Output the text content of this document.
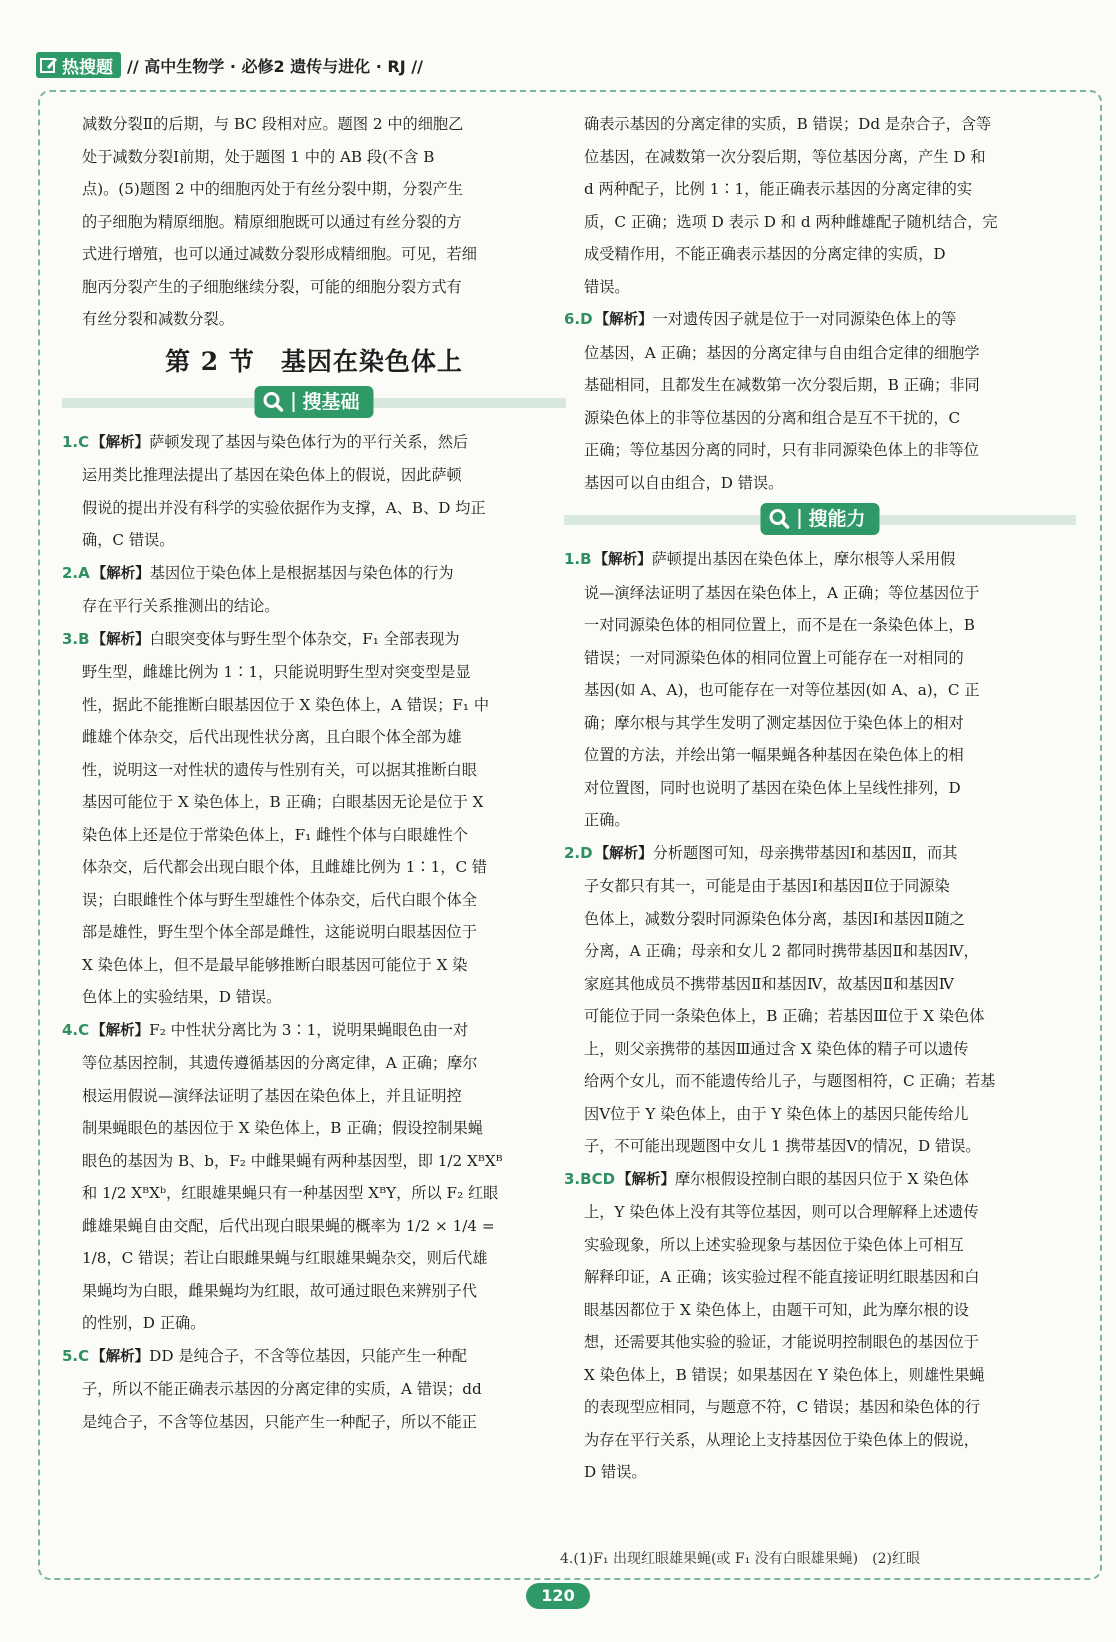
热搜题 // 高中生物学 · 必修2 遗传与进化 · RJ //

减数分裂Ⅱ的后期，与 BC 段相对应。题图 2 中的细胞乙

处于减数分裂Ⅰ前期，处于题图 1 中的 AB 段(不含 B

点)。(5)题图 2 中的细胞丙处于有丝分裂中期，分裂产生

的子细胞为精原细胞。精原细胞既可以通过有丝分裂的方

式进行增殖，也可以通过减数分裂形成精细胞。可见，若细

胞丙分裂产生的子细胞继续分裂，可能的细胞分裂方式有

有丝分裂和减数分裂。

第 2 节　基因在染色体上
搜基础

1.C 【解析】萨顿发现了基因与染色体行为的平行关系，然后

运用类比推理法提出了基因在染色体上的假说，因此萨顿

假说的提出并没有科学的实验依据作为支撑，A、B、D 均正

确，C 错误。

2.A 【解析】基因位于染色体上是根据基因与染色体的行为

存在平行关系推测出的结论。

3.B 【解析】白眼突变体与野生型个体杂交，F₁ 全部表现为

野生型，雌雄比例为 1∶1，只能说明野生型对突变型是显

性，据此不能推断白眼基因位于 X 染色体上，A 错误；F₁ 中

雌雄个体杂交，后代出现性状分离，且白眼个体全部为雄

性，说明这一对性状的遗传与性别有关，可以据其推断白眼

基因可能位于 X 染色体上，B 正确；白眼基因无论是位于 X

染色体上还是位于常染色体上，F₁ 雌性个体与白眼雄性个

体杂交，后代都会出现白眼个体，且雌雄比例为 1∶1，C 错

误；白眼雌性个体与野生型雄性个体杂交，后代白眼个体全

部是雄性，野生型个体全部是雌性，这能说明白眼基因位于

X 染色体上，但不是最早能够推断白眼基因可能位于 X 染

色体上的实验结果，D 错误。

4.C 【解析】F₂ 中性状分离比为 3∶1，说明果蝇眼色由一对

等位基因控制，其遗传遵循基因的分离定律，A 正确；摩尔

根运用假说—演绎法证明了基因在染色体上，并且证明控

制果蝇眼色的基因位于 X 染色体上，B 正确；假设控制果蝇

眼色的基因为 B、b，F₂ 中雌果蝇有两种基因型，即 1/2 XᴮXᴮ

和 1/2 XᴮXᵇ，红眼雄果蝇只有一种基因型 XᴮY，所以 F₂ 红眼

雌雄果蝇自由交配，后代出现白眼果蝇的概率为 1/2 × 1/4 =

1/8，C 错误；若让白眼雌果蝇与红眼雄果蝇杂交，则后代雄

果蝇均为白眼，雌果蝇均为红眼，故可通过眼色来辨别子代

的性别，D 正确。

5.C 【解析】DD 是纯合子，不含等位基因，只能产生一种配

子，所以不能正确表示基因的分离定律的实质，A 错误；dd

是纯合子，不含等位基因，只能产生一种配子，所以不能正

确表示基因的分离定律的实质，B 错误；Dd 是杂合子，含等

位基因，在减数第一次分裂后期，等位基因分离，产生 D 和

d 两种配子，比例 1∶1，能正确表示基因的分离定律的实

质，C 正确；选项 D 表示 D 和 d 两种雌雄配子随机结合，完

成受精作用，不能正确表示基因的分离定律的实质，D

错误。

6.D 【解析】一对遗传因子就是位于一对同源染色体上的等

位基因，A 正确；基因的分离定律与自由组合定律的细胞学

基础相同，且都发生在减数第一次分裂后期，B 正确；非同

源染色体上的非等位基因的分离和组合是互不干扰的，C

正确；等位基因分离的同时，只有非同源染色体上的非等位

基因可以自由组合，D 错误。

搜能力

1.B 【解析】萨顿提出基因在染色体上，摩尔根等人采用假

说—演绎法证明了基因在染色体上，A 正确；等位基因位于

一对同源染色体的相同位置上，而不是在一条染色体上，B

错误；一对同源染色体的相同位置上可能存在一对相同的

基因(如 A、A)，也可能存在一对等位基因(如 A、a)，C 正

确；摩尔根与其学生发明了测定基因位于染色体上的相对

位置的方法，并绘出第一幅果蝇各种基因在染色体上的相

对位置图，同时也说明了基因在染色体上呈线性排列，D

正确。

2.D 【解析】分析题图可知，母亲携带基因Ⅰ和基因Ⅱ，而其

子女都只有其一，可能是由于基因Ⅰ和基因Ⅱ位于同源染

色体上，减数分裂时同源染色体分离，基因Ⅰ和基因Ⅱ随之

分离，A 正确；母亲和女儿 2 都同时携带基因Ⅱ和基因Ⅳ，

家庭其他成员不携带基因Ⅱ和基因Ⅳ，故基因Ⅱ和基因Ⅳ

可能位于同一条染色体上，B 正确；若基因Ⅲ位于 X 染色体

上，则父亲携带的基因Ⅲ通过含 X 染色体的精子可以遗传

给两个女儿，而不能遗传给儿子，与题图相符，C 正确；若基

因Ⅴ位于 Y 染色体上，由于 Y 染色体上的基因只能传给儿

子，不可能出现题图中女儿 1 携带基因Ⅴ的情况，D 错误。

3.BCD 【解析】摩尔根假设控制白眼的基因只位于 X 染色体

上，Y 染色体上没有其等位基因，则可以合理解释上述遗传

实验现象，所以上述实验现象与基因位于染色体上可相互

解释印证，A 正确；该实验过程不能直接证明红眼基因和白

眼基因都位于 X 染色体上，由题干可知，此为摩尔根的设

想，还需要其他实验的验证，才能说明控制眼色的基因位于

X 染色体上，B 错误；如果基因在 Y 染色体上，则雄性果蝇

的表现型应相同，与题意不符，C 错误；基因和染色体的行

为存在平行关系，从理论上支持基因位于染色体上的假说，

D 错误。

4.(1)F₁ 出现红眼雄果蝇(或 F₁ 没有白眼雄果蝇)　(2)红眼
120
